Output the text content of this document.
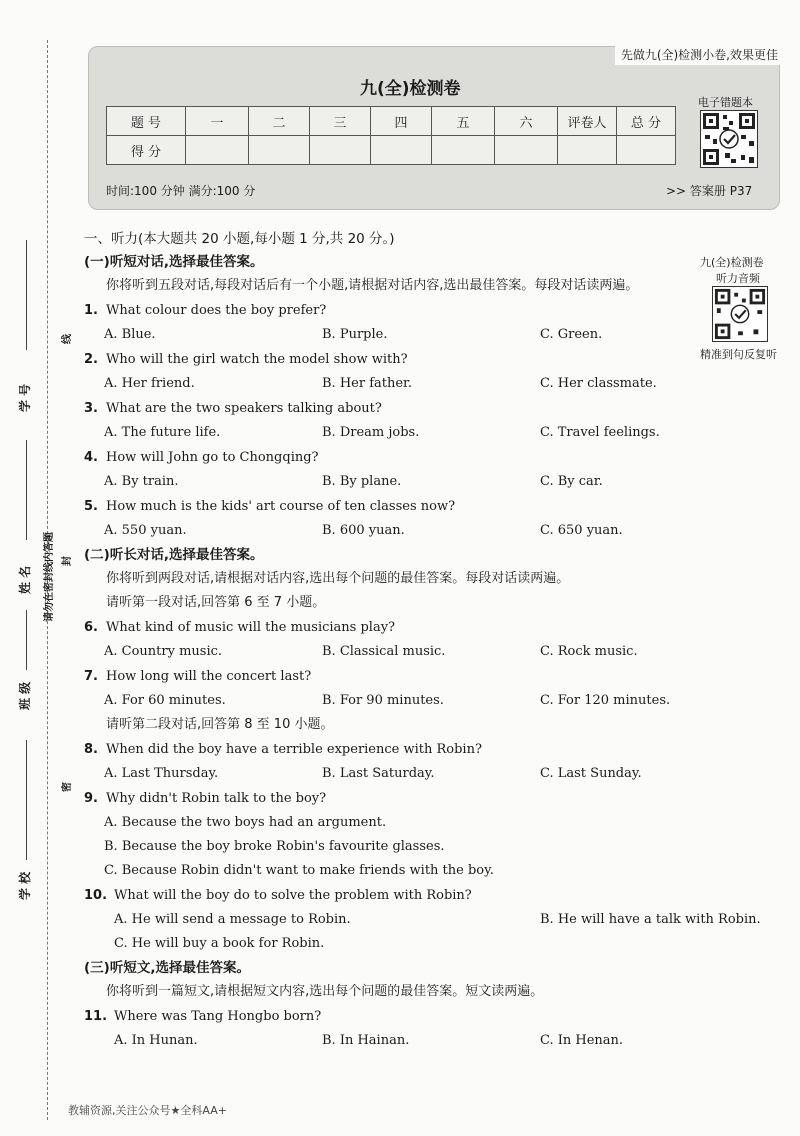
学 号
姓 名
班 级
学 校
请勿在密封线内答题
线
封
密
先做九(全)检测小卷,效果更佳
九(全)检测卷
题 号	一	二	三	四	五	六	评卷人	总 分
得 分								
电子错题本
时间:100 分钟 满分:100 分	>> 答案册 P37
九(全)检测卷
听力音频
精准到句反复听
一、听力(本大题共 20 小题,每小题 1 分,共 20 分。)
(一)听短对话,选择最佳答案。
你将听到五段对话,每段对话后有一个小题,请根据对话内容,选出最佳答案。每段对话读两遍。
1. What colour does the boy prefer?
A. Blue.	B. Purple.	C. Green.
2. Who will the girl watch the model show with?
A. Her friend.	B. Her father.	C. Her classmate.
3. What are the two speakers talking about?
A. The future life.	B. Dream jobs.	C. Travel feelings.
4. How will John go to Chongqing?
A. By train.	B. By plane.	C. By car.
5. How much is the kids' art course of ten classes now?
A. 550 yuan.	B. 600 yuan.	C. 650 yuan.
(二)听长对话,选择最佳答案。
你将听到两段对话,请根据对话内容,选出每个问题的最佳答案。每段对话读两遍。
请听第一段对话,回答第 6 至 7 小题。
6. What kind of music will the musicians play?
A. Country music.	B. Classical music.	C. Rock music.
7. How long will the concert last?
A. For 60 minutes.	B. For 90 minutes.	C. For 120 minutes.
请听第二段对话,回答第 8 至 10 小题。
8. When did the boy have a terrible experience with Robin?
A. Last Thursday.	B. Last Saturday.	C. Last Sunday.
9. Why didn't Robin talk to the boy?
A. Because the two boys had an argument.
B. Because the boy broke Robin's favourite glasses.
C. Because Robin didn't want to make friends with the boy.
10. What will the boy do to solve the problem with Robin?
A. He will send a message to Robin.	B. He will have a talk with Robin.
C. He will buy a book for Robin.
(三)听短文,选择最佳答案。
你将听到一篇短文,请根据短文内容,选出每个问题的最佳答案。短文读两遍。
11. Where was Tang Hongbo born?
A. In Hunan.	B. In Hainan.	C. In Henan.
教辅资源,关注公众号★全科AA+
